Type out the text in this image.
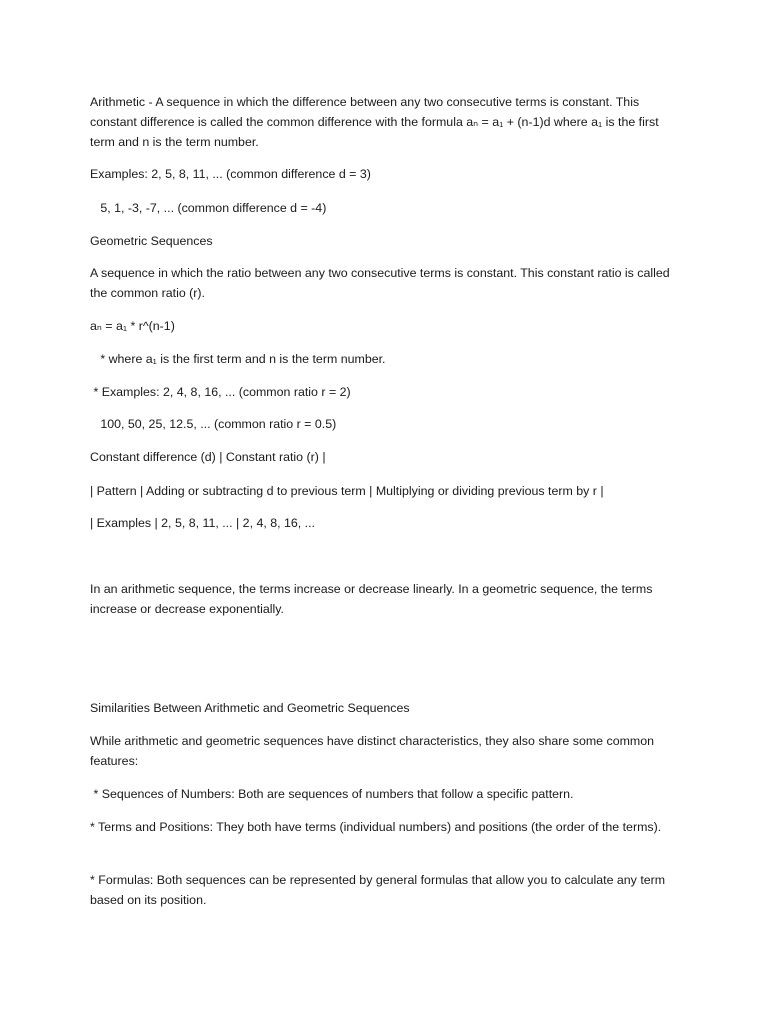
Arithmetic - A sequence in which the difference between any two consecutive terms is constant. This constant difference is called the common difference with the formula aₙ = a₁ + (n-1)d where a₁ is the first term and n is the term number.

Examples: 2, 5, 8, 11, ... (common difference d = 3)

5, 1, -3, -7, ... (common difference d = -4)

Geometric Sequences

A sequence in which the ratio between any two consecutive terms is constant. This constant ratio is called the common ratio (r).

aₙ = a₁ * r^(n-1)

* where a₁ is the first term and n is the term number.

* Examples: 2, 4, 8, 16, ... (common ratio r = 2)

100, 50, 25, 12.5, ... (common ratio r = 0.5)

Constant difference (d) | Constant ratio (r) |

| Pattern | Adding or subtracting d to previous term | Multiplying or dividing previous term by r |

| Examples | 2, 5, 8, 11, ... | 2, 4, 8, 16, ...

In an arithmetic sequence, the terms increase or decrease linearly. In a geometric sequence, the terms increase or decrease exponentially.

Similarities Between Arithmetic and Geometric Sequences

While arithmetic and geometric sequences have distinct characteristics, they also share some common features:

* Sequences of Numbers: Both are sequences of numbers that follow a specific pattern.

* Terms and Positions: They both have terms (individual numbers) and positions (the order of the terms).

* Formulas: Both sequences can be represented by general formulas that allow you to calculate any term based on its position.
